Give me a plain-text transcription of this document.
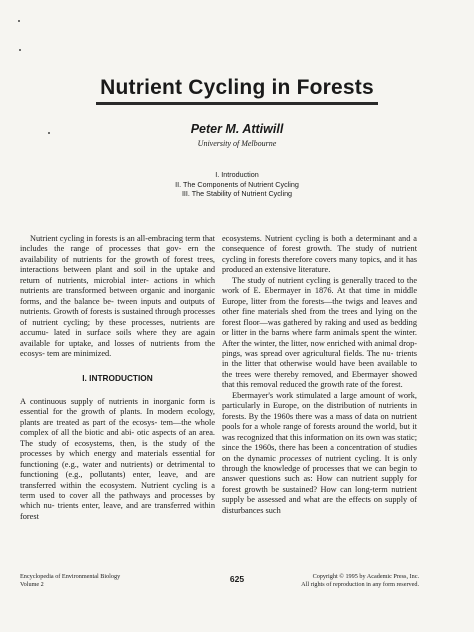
Nutrient Cycling in Forests
Peter M. Attiwill
University of Melbourne
I. Introduction
II. The Components of Nutrient Cycling
III. The Stability of Nutrient Cycling

Nutrient cycling in forests is an all-embracing term that includes the range of processes that gov- ern the availability of nutrients for the growth of forest trees, interactions between plant and soil in the uptake and return of nutrients, microbial inter- actions in which nutrients are transformed between organic and inorganic forms, and the balance be- tween inputs and outputs of nutrients. Growth of forests is sustained through processes of nutrient cycling; by these processes, nutrients are accumu- lated in surface soils where they are again available for uptake, and losses of nutrients from the ecosys- tem are minimized.

I. INTRODUCTION

A continuous supply of nutrients in inorganic form is essential for the growth of plants. In modern ecology, plants are treated as part of the ecosys- tem—the whole complex of all the biotic and abi- otic aspects of an area. The study of ecosystems, then, is the study of the processes by which energy and materials essential for functioning (e.g., water and nutrients) or detrimental to functioning (e.g., pollutants) enter, leave, and are transferred within the ecosystem. Nutrient cycling is a term used to cover all the pathways and processes by which nu- trients enter, leave, and are transferred within forest

ecosystems. Nutrient cycling is both a determinant and a consequence of forest growth. The study of nutrient cycling in forests therefore covers many topics, and it has produced an extensive literature.

The study of nutrient cycling is generally traced to the work of E. Ebermayer in 1876. At that time in middle Europe, litter from the forests—the twigs and leaves and other fine materials shed from the trees and lying on the forest floor—was gathered by raking and used as bedding or litter in the barns where farm animals spent the winter. After the winter, the litter, now enriched with animal drop- pings, was spread over agricultural fields. The nu- trients in the litter that otherwise would have been available to the trees were thereby removed, and Ebermayer showed that this removal reduced the growth rate of the forest.

Ebermayer's work stimulated a large amount of work, particularly in Europe, on the distribution of nutrients in forests. By the 1960s there was a mass of data on nutrient pools for a whole range of forests around the world, but it was recognized that this information on its own was static; since the 1960s, there has been a concentration of studies on the dynamic processes of nutrient cycling. It is only through the knowledge of processes that we can begin to answer questions such as: How can nutrient supply for forest growth be sustained? How can long-term nutrient supply be assessed and what are the effects on supply of disturbances such

Encyclopedia of Environmental Biology
Volume 2	625	Copyright © 1995 by Academic Press, Inc.
All rights of reproduction in any form reserved.
